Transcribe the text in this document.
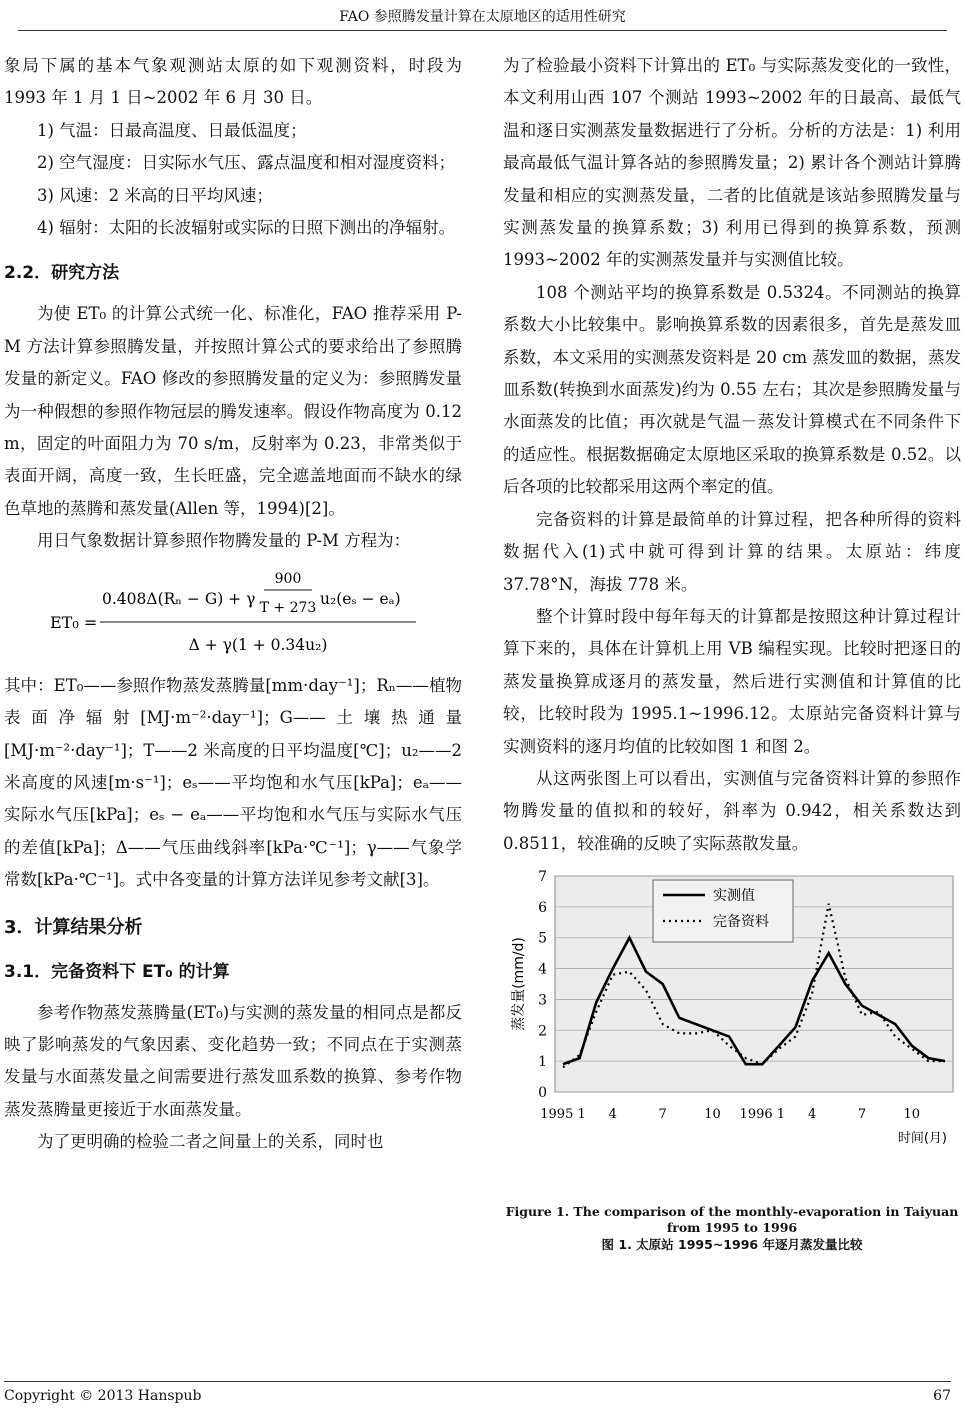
FAO 参照腾发量计算在太原地区的适用性研究

象局下属的基本气象观测站太原的如下观测资料，时段为 1993 年 1 月 1 日~2002 年 6 月 30 日。

1) 气温：日最高温度、日最低温度；

2) 空气湿度：日实际水气压、露点温度和相对湿度资料；

3) 风速：2 米高的日平均风速；

4) 辐射：太阳的长波辐射或实际的日照下测出的净辐射。

2.2．研究方法

为使 ET₀ 的计算公式统一化、标准化，FAO 推荐采用 P-M 方法计算参照腾发量，并按照计算公式的要求给出了参照腾发量的新定义。FAO 修改的参照腾发量的定义为：参照腾发量为一种假想的参照作物冠层的腾发速率。假设作物高度为 0.12 m，固定的叶面阻力为 70 s/m，反射率为 0.23，非常类似于表面开阔，高度一致，生长旺盛，完全遮盖地面而不缺水的绿色草地的蒸腾和蒸发量(Allen 等，1994)[2]。

用日气象数据计算参照作物腾发量的 P-M 方程为：

ET₀ =
0.408Δ(Rₙ − G) + γ
900
T + 273 u₂(eₛ − eₐ)
Δ + γ(1 + 0.34u₂)

其中：ET₀——参照作物蒸发蒸腾量[mm·day⁻¹]；Rₙ——植物表面净辐射[MJ·m⁻²·day⁻¹]；G——土壤热通量[MJ·m⁻²·day⁻¹]；T——2 米高度的日平均温度[℃]；u₂——2 米高度的风速[m·s⁻¹]；eₛ——平均饱和水气压[kPa]；eₐ——实际水气压[kPa]；eₛ − eₐ——平均饱和水气压与实际水气压的差值[kPa]；Δ——气压曲线斜率[kPa·℃⁻¹]；γ——气象学常数[kPa·℃⁻¹]。式中各变量的计算方法详见参考文献[3]。

3．计算结果分析
3.1．完备资料下 ET₀ 的计算

参考作物蒸发蒸腾量(ET₀)与实测的蒸发量的相同点是都反映了影响蒸发的气象因素、变化趋势一致；不同点在于实测蒸发量与水面蒸发量之间需要进行蒸发皿系数的换算、参考作物蒸发蒸腾量更接近于水面蒸发量。

为了更明确的检验二者之间量上的关系，同时也

为了检验最小资料下计算出的 ET₀ 与实际蒸发变化的一致性，本文利用山西 107 个测站 1993~2002 年的日最高、最低气温和逐日实测蒸发量数据进行了分析。分析的方法是：1) 利用最高最低气温计算各站的参照腾发量；2) 累计各个测站计算腾发量和相应的实测蒸发量，二者的比值就是该站参照腾发量与实测蒸发量的换算系数；3) 利用已得到的换算系数，预测 1993~2002 年的实测蒸发量并与实测值比较。

108 个测站平均的换算系数是 0.5324。不同测站的换算系数大小比较集中。影响换算系数的因素很多，首先是蒸发皿系数，本文采用的实测蒸发资料是 20 cm 蒸发皿的数据，蒸发皿系数(转换到水面蒸发)约为 0.55 左右；其次是参照腾发量与水面蒸发的比值；再次就是气温－蒸发计算模式在不同条件下的适应性。根据数据确定太原地区采取的换算系数是 0.52。以后各项的比较都采用这两个率定的值。

完备资料的计算是最简单的计算过程，把各种所得的资料数据代入(1)式中就可得到计算的结果。太原站：纬度 37.78°N，海拔 778 米。

整个计算时段中每年每天的计算都是按照这种计算过程计算下来的，具体在计算机上用 VB 编程实现。比较时把逐日的蒸发量换算成逐月的蒸发量，然后进行实测值和计算值的比较，比较时段为 1995.1~1996.12。太原站完备资料计算与实测资料的逐月均值的比较如图 1 和图 2。

从这两张图上可以看出，实测值与完备资料计算的参照作物腾发量的值拟和的较好，斜率为 0.942，相关系数达到 0.8511，较准确的反映了实际蒸散发量。

0
1
2
3
4
5
6
7
1995 1 4	7	10 1996 1 4	7	10
蒸发量(mm/d)
时间(月)
实测值
完备资料
Figure 1. The comparison of the monthly-evaporation in Taiyuan from 1995 to 1996
图 1. 太原站 1995~1996 年逐月蒸发量比较
Copyright © 2013 Hanspub	67
